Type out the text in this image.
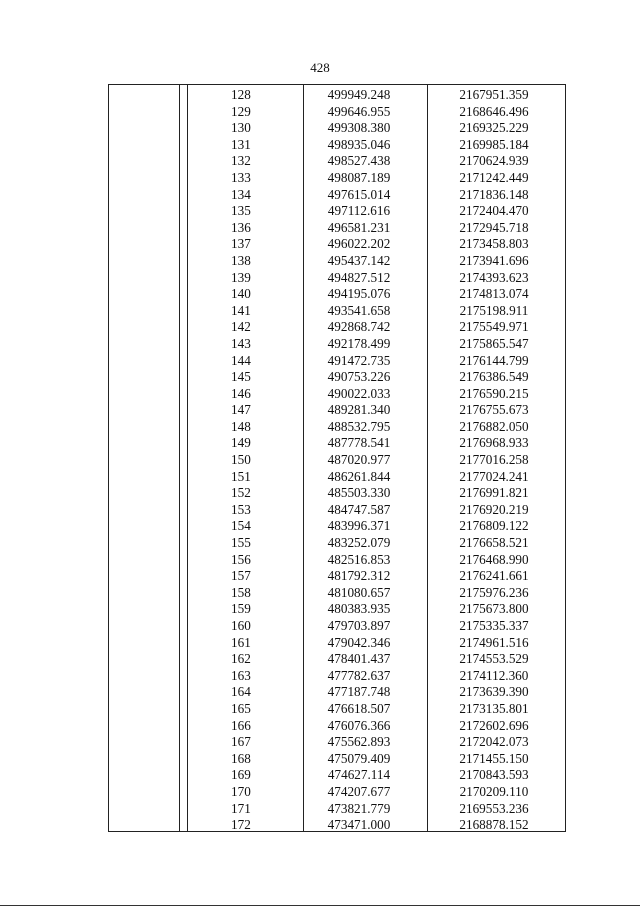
428
128	499949.248	2167951.359
129	499646.955	2168646.496
130	499308.380	2169325.229
131	498935.046	2169985.184
132	498527.438	2170624.939
133	498087.189	2171242.449
134	497615.014	2171836.148
135	497112.616	2172404.470
136	496581.231	2172945.718
137	496022.202	2173458.803
138	495437.142	2173941.696
139	494827.512	2174393.623
140	494195.076	2174813.074
141	493541.658	2175198.911
142	492868.742	2175549.971
143	492178.499	2175865.547
144	491472.735	2176144.799
145	490753.226	2176386.549
146	490022.033	2176590.215
147	489281.340	2176755.673
148	488532.795	2176882.050
149	487778.541	2176968.933
150	487020.977	2177016.258
151	486261.844	2177024.241
152	485503.330	2176991.821
153	484747.587	2176920.219
154	483996.371	2176809.122
155	483252.079	2176658.521
156	482516.853	2176468.990
157	481792.312	2176241.661
158	481080.657	2175976.236
159	480383.935	2175673.800
160	479703.897	2175335.337
161	479042.346	2174961.516
162	478401.437	2174553.529
163	477782.637	2174112.360
164	477187.748	2173639.390
165	476618.507	2173135.801
166	476076.366	2172602.696
167	475562.893	2172042.073
168	475079.409	2171455.150
169	474627.114	2170843.593
170	474207.677	2170209.110
171	473821.779	2169553.236
172	473471.000	2168878.152
